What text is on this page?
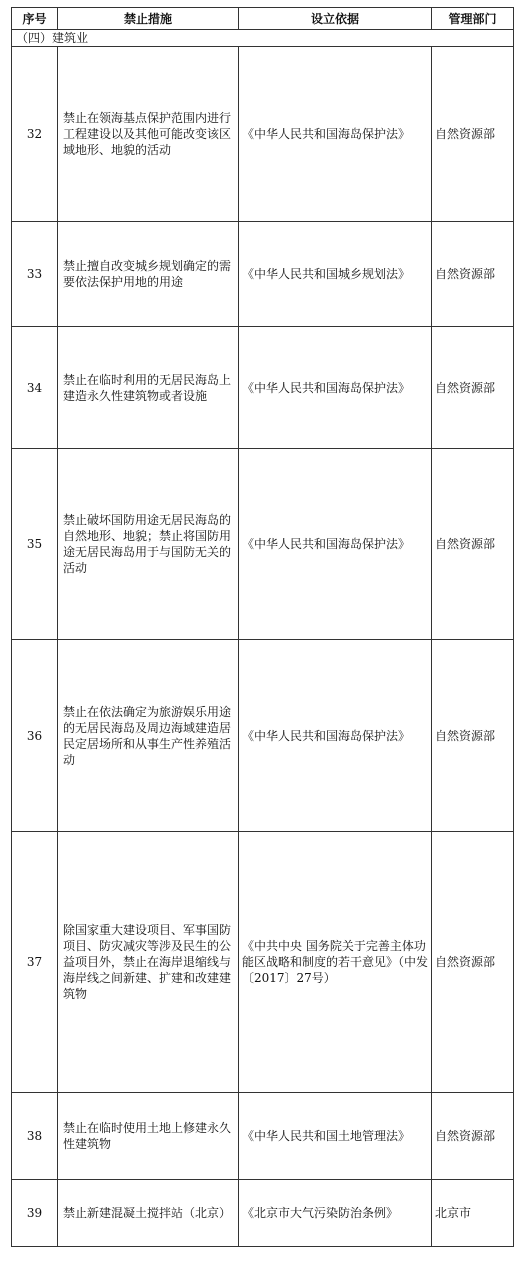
序号	禁止措施	设立依据	管理部门
（四）建筑业			
32	禁止在领海基点保护范围内进行工程建设以及其他可能改变该区域地形、地貌的活动	《中华人民共和国海岛保护法》	自然资源部
33	禁止擅自改变城乡规划确定的需要依法保护用地的用途	《中华人民共和国城乡规划法》	自然资源部
34	禁止在临时利用的无居民海岛上建造永久性建筑物或者设施	《中华人民共和国海岛保护法》	自然资源部
35	禁止破坏国防用途无居民海岛的自然地形、地貌；禁止将国防用途无居民海岛用于与国防无关的活动	《中华人民共和国海岛保护法》	自然资源部
36	禁止在依法确定为旅游娱乐用途的无居民海岛及周边海域建造居民定居场所和从事生产性养殖活动	《中华人民共和国海岛保护法》	自然资源部
37	除国家重大建设项目、军事国防项目、防灾减灾等涉及民生的公益项目外，禁止在海岸退缩线与海岸线之间新建、扩建和改建建筑物	《中共中央 国务院关于完善主体功能区战略和制度的若干意见》（中发〔2017〕27号）	自然资源部
38	禁止在临时使用土地上修建永久性建筑物	《中华人民共和国土地管理法》	自然资源部
39	禁止新建混凝土搅拌站（北京）	《北京市大气污染防治条例》	北京市
